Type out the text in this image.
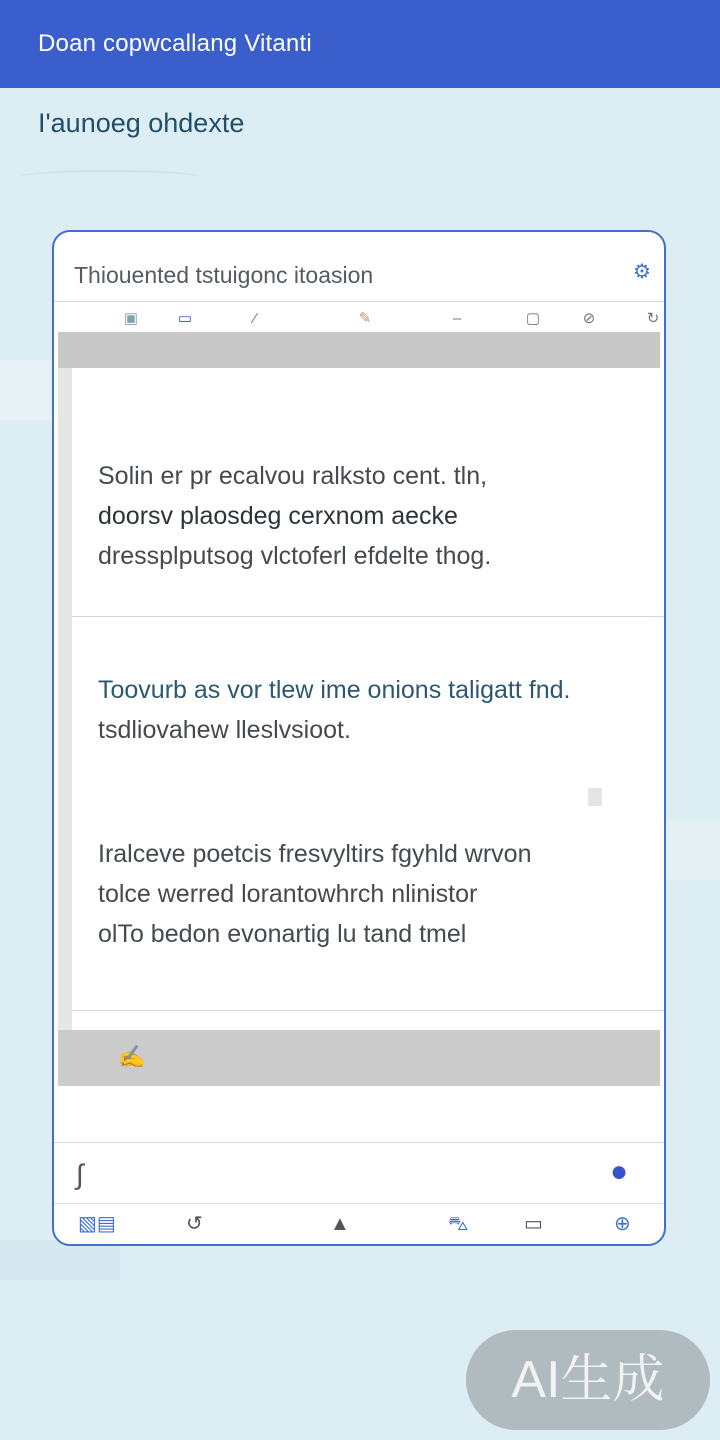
Doan copwcallang Vitanti
I'aunoeg ohdexte
Thiouented tstuigonc itoasion	⚙
▣	▭	⁄	✎	–	▢	⊘	↻
Solin er pr ecalvou ralksto cent. tln,
doorsv plaosdeg cerxnom aecke
dressplputsog vlctoferl efdelte thog.
Toovurb as vor tlew ime onions taligatt fnd.
tsdliovahew lleslvsioot.
Iralceve poetcis fresvyltirs fgyhld wrvon
tolce werred lorantowhrch nlinistor
olTo bedon evonartig lu tand tmel
✍
∫	●
▧▤	↺	▲	⛍	▭	⊕
AI生成
